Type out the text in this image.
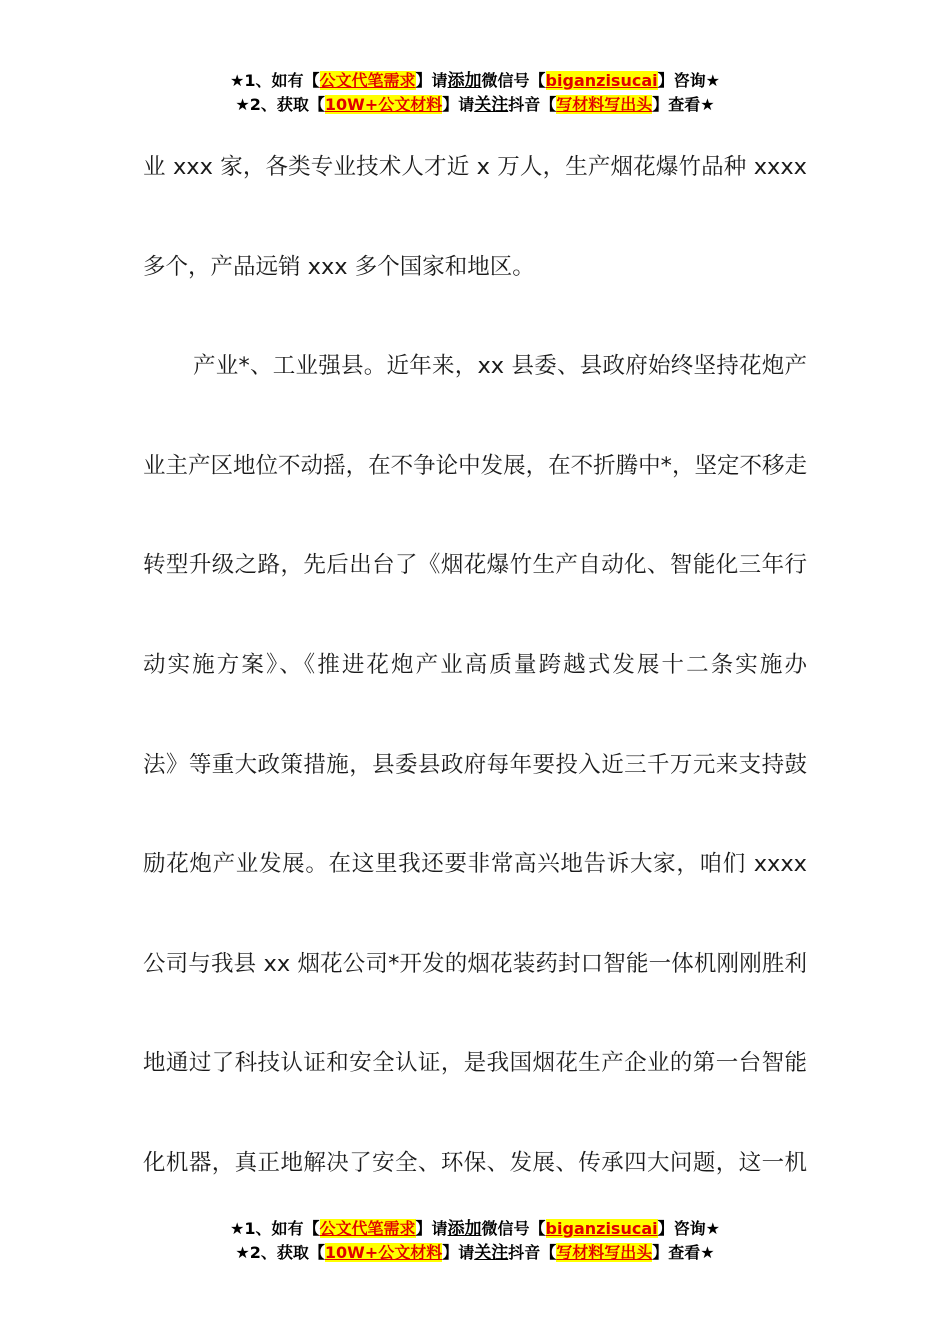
★1、如有【公文代笔需求】请添加微信号【biganzisucai】咨询★
★2、获取【10W+公文材料】请关注抖音【写材料写出头】查看★
业 xxx 家，各类专业技术人才近 x 万人，生产烟花爆竹品种 xxxx
多个，产品远销 xxx 多个国家和地区。
产业*、工业强县。近年来，xx 县委、县政府始终坚持花炮产
业主产区地位不动摇，在不争论中发展，在不折腾中*，坚定不移走
转型升级之路，先后出台了《烟花爆竹生产自动化、智能化三年行
动实施方案》、《推进花炮产业高质量跨越式发展十二条实施办
法》等重大政策措施，县委县政府每年要投入近三千万元来支持鼓
励花炮产业发展。在这里我还要非常高兴地告诉大家，咱们 xxxx
公司与我县 xx 烟花公司*开发的烟花装药封口智能一体机刚刚胜利
地通过了科技认证和安全认证，是我国烟花生产企业的第一台智能
化机器，真正地解决了安全、环保、发展、传承四大问题，这一机
★1、如有【公文代笔需求】请添加微信号【biganzisucai】咨询★
★2、获取【10W+公文材料】请关注抖音【写材料写出头】查看★
